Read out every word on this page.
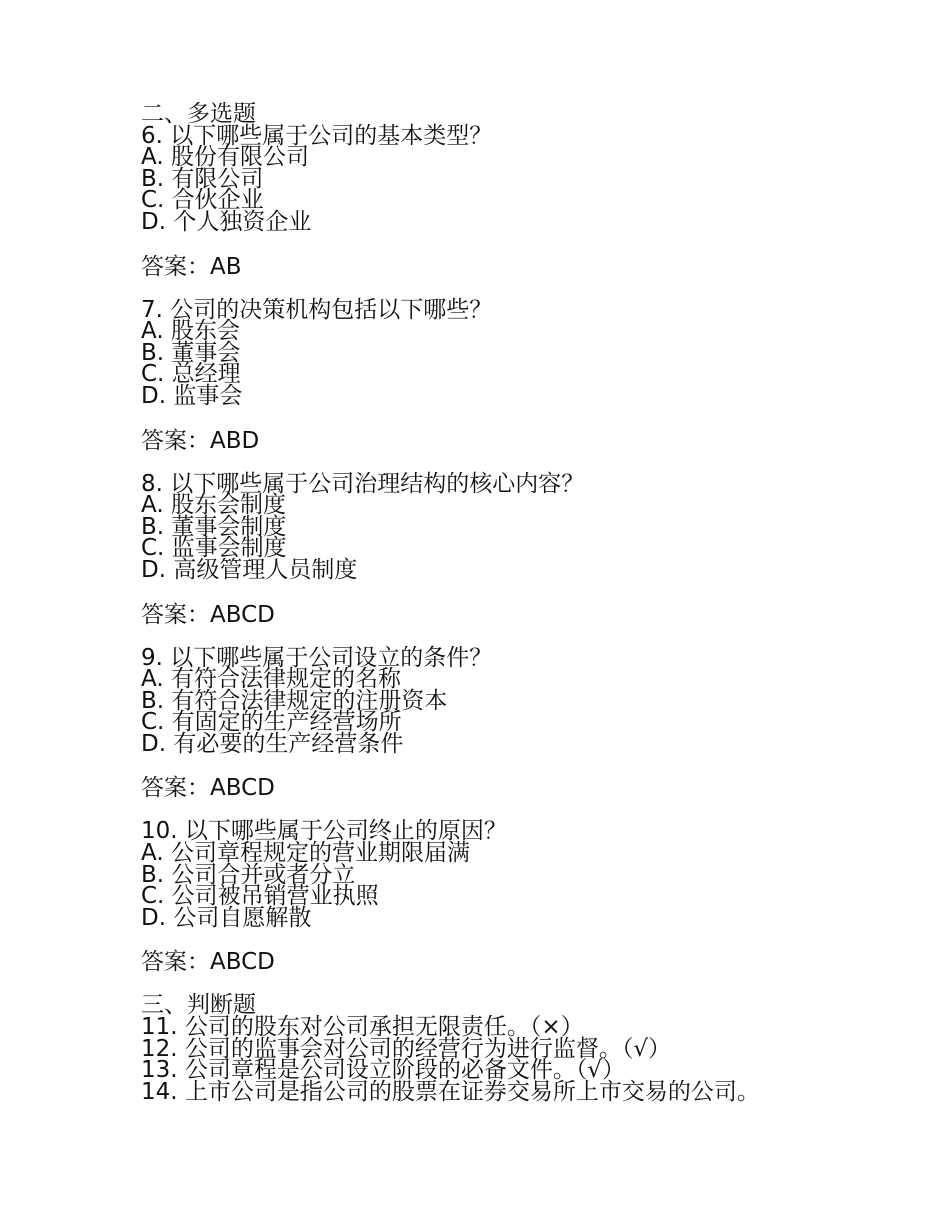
二、多选题
6. 以下哪些属于公司的基本类型？
A. 股份有限公司
B. 有限公司
C. 合伙企业
D. 个人独资企业
答案：AB
7. 公司的决策机构包括以下哪些？
A. 股东会
B. 董事会
C. 总经理
D. 监事会
答案：ABD
8. 以下哪些属于公司治理结构的核心内容？
A. 股东会制度
B. 董事会制度
C. 监事会制度
D. 高级管理人员制度
答案：ABCD
9. 以下哪些属于公司设立的条件？
A. 有符合法律规定的名称
B. 有符合法律规定的注册资本
C. 有固定的生产经营场所
D. 有必要的生产经营条件
答案：ABCD
10. 以下哪些属于公司终止的原因？
A. 公司章程规定的营业期限届满
B. 公司合并或者分立
C. 公司被吊销营业执照
D. 公司自愿解散
答案：ABCD
三、判断题
11. 公司的股东对公司承担无限责任。（×）
12. 公司的监事会对公司的经营行为进行监督。（√）
13. 公司章程是公司设立阶段的必备文件。（√）
14. 上市公司是指公司的股票在证券交易所上市交易的公司。
